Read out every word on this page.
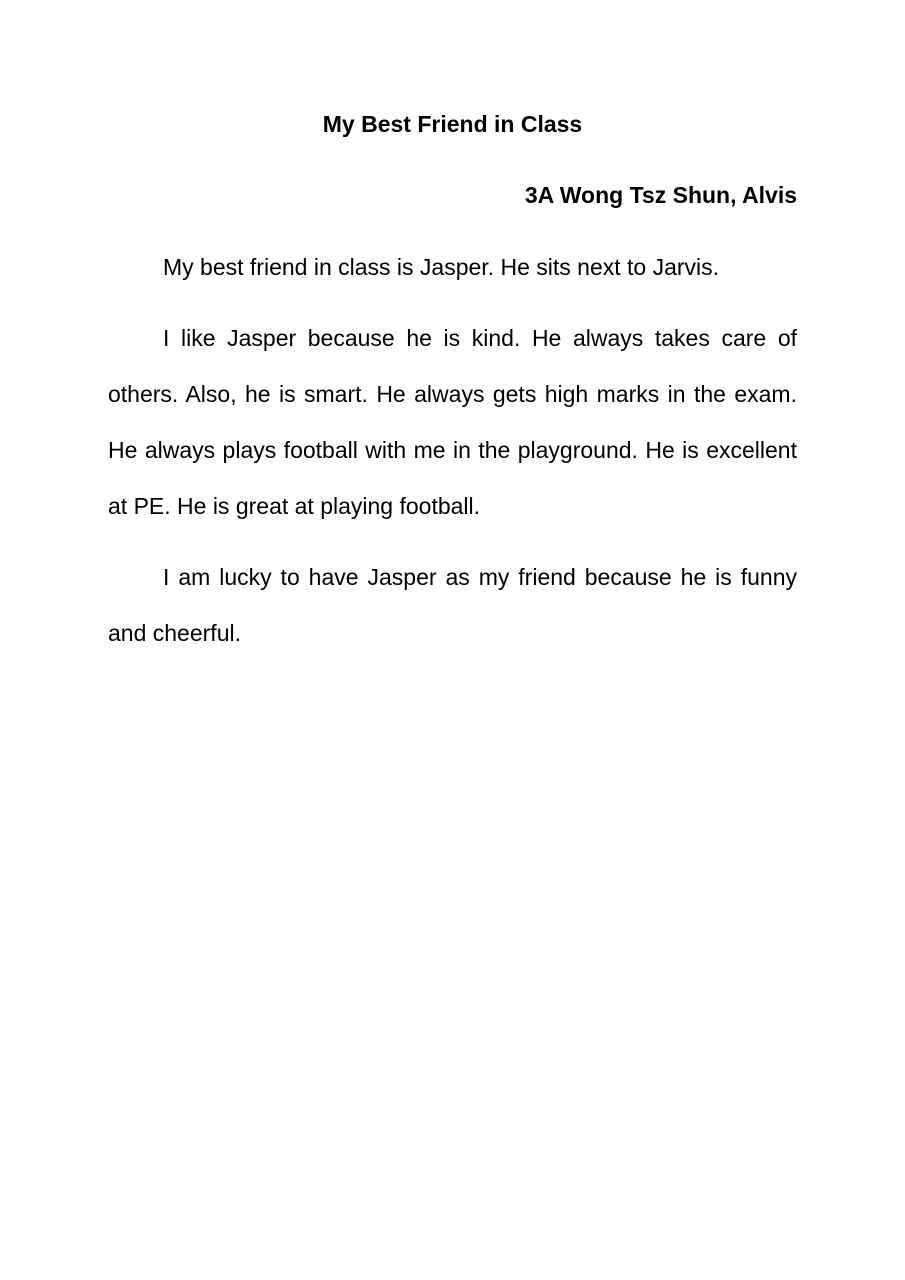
My Best Friend in Class
3A Wong Tsz Shun, Alvis

My best friend in class is Jasper. He sits next to Jarvis.

I like Jasper because he is kind. He always takes care of others. Also, he is smart. He always gets high marks in the exam. He always plays football with me in the playground. He is excellent at PE. He is great at playing football.

I am lucky to have Jasper as my friend because he is funny and cheerful.
